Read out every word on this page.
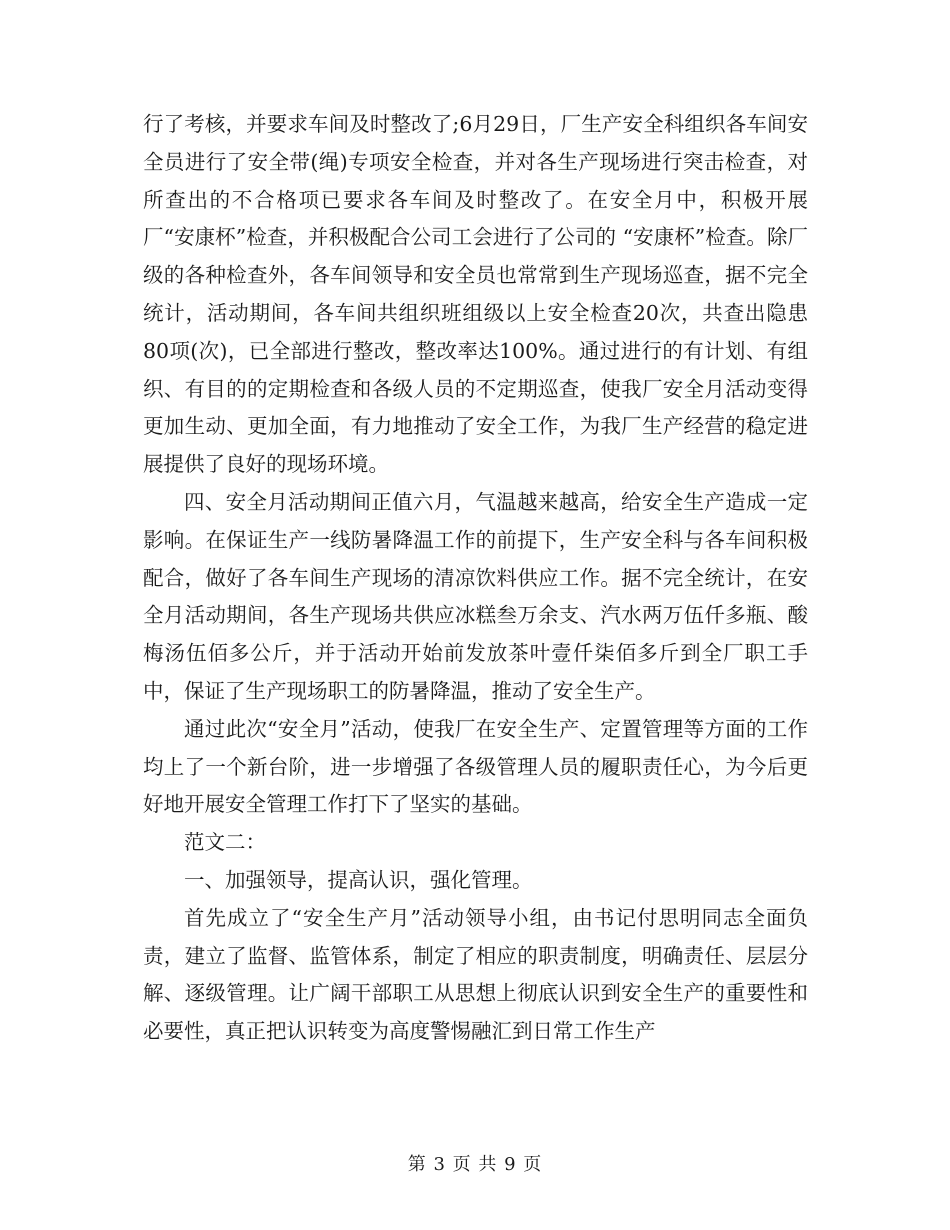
行了考核，并要求车间及时整改了;6月29日，厂生产安全科组织各车间安全员进行了安全带(绳)专项安全检查，并对各生产现场进行突击检查，对所查出的不合格项已要求各车间及时整改了。在安全月中，积极开展厂“安康杯”检查，并积极配合公司工会进行了公司的 “安康杯”检查。除厂级的各种检查外，各车间领导和安全员也常常到生产现场巡查，据不完全统计，活动期间，各车间共组织班组级以上安全检查20次，共查出隐患80项(次)，已全部进行整改，整改率达100%。通过进行的有计划、有组织、有目的的定期检查和各级人员的不定期巡查，使我厂安全月活动变得更加生动、更加全面，有力地推动了安全工作，为我厂生产经营的稳定进展提供了良好的现场环境。

四、安全月活动期间正值六月，气温越来越高，给安全生产造成一定影响。在保证生产一线防暑降温工作的前提下，生产安全科与各车间积极配合，做好了各车间生产现场的清凉饮料供应工作。据不完全统计，在安全月活动期间，各生产现场共供应冰糕叁万余支、汽水两万伍仟多瓶、酸梅汤伍佰多公斤，并于活动开始前发放茶叶壹仟柒佰多斤到全厂职工手中，保证了生产现场职工的防暑降温，推动了安全生产。

通过此次“安全月”活动，使我厂在安全生产、定置管理等方面的工作均上了一个新台阶，进一步增强了各级管理人员的履职责任心，为今后更好地开展安全管理工作打下了坚实的基础。

范文二：

一、加强领导，提高认识，强化管理。

首先成立了“安全生产月”活动领导小组，由书记付思明同志全面负责，建立了监督、监管体系，制定了相应的职责制度，明确责任、层层分解、逐级管理。让广阔干部职工从思想上彻底认识到安全生产的重要性和必要性，真正把认识转变为高度警惕融汇到日常工作生产

第 3 页 共 9 页
